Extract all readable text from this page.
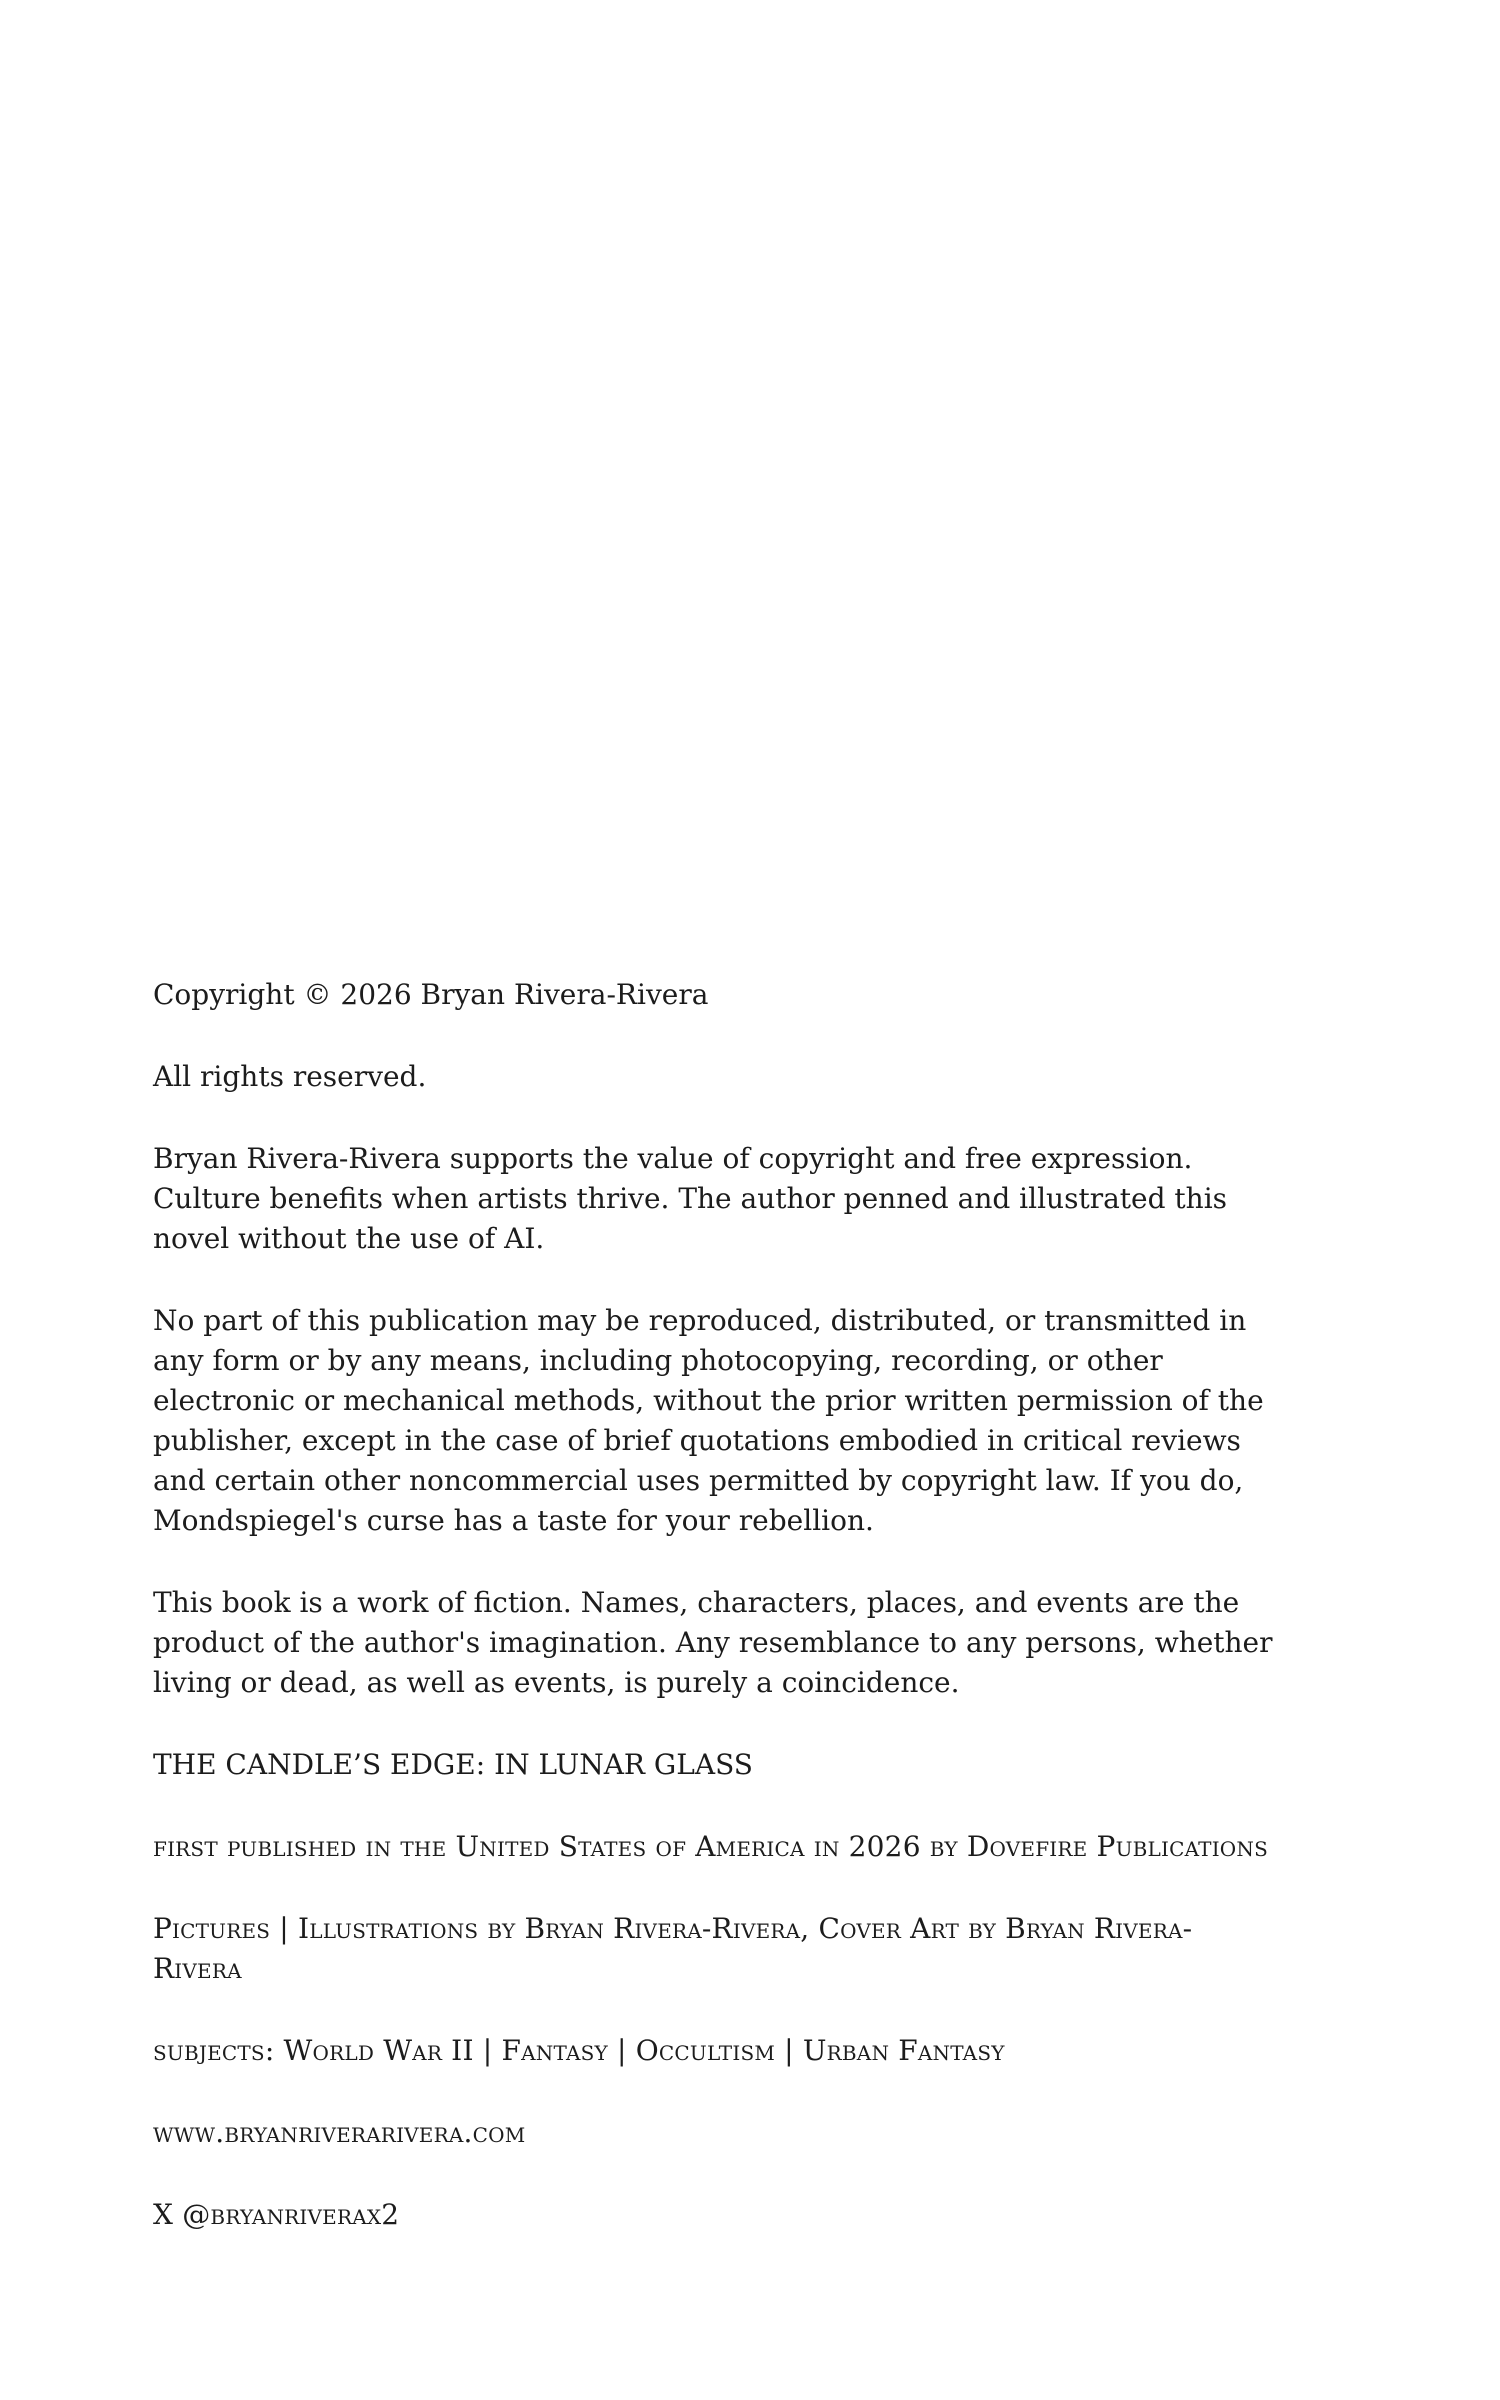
Copyright © 2026 Bryan Rivera-Rivera

All rights reserved.

Bryan Rivera-Rivera supports the value of copyright and free expression. Culture benefits when artists thrive. The author penned and illustrated this novel without the use of AI.

No part of this publication may be reproduced, distributed, or transmitted in any form or by any means, including photocopying, recording, or other electronic or mechanical methods, without the prior written permission of the publisher, except in the case of brief quotations embodied in critical reviews and certain other noncommercial uses permitted by copyright law. If you do, Mondspiegel's curse has a taste for your rebellion.

This book is a work of fiction. Names, characters, places, and events are the product of the author's imagination. Any resemblance to any persons, whether living or dead, as well as events, is purely a coincidence.

THE CANDLE’S EDGE: IN LUNAR GLASS

first published in the United States of America in 2026 by Dovefire Publications

Pictures | Illustrations by Bryan Rivera-Rivera, Cover Art by Bryan Rivera-Rivera

subjects: World War II | Fantasy | Occultism | Urban Fantasy

www.bryanriverarivera.com

X @bryanriverax2
